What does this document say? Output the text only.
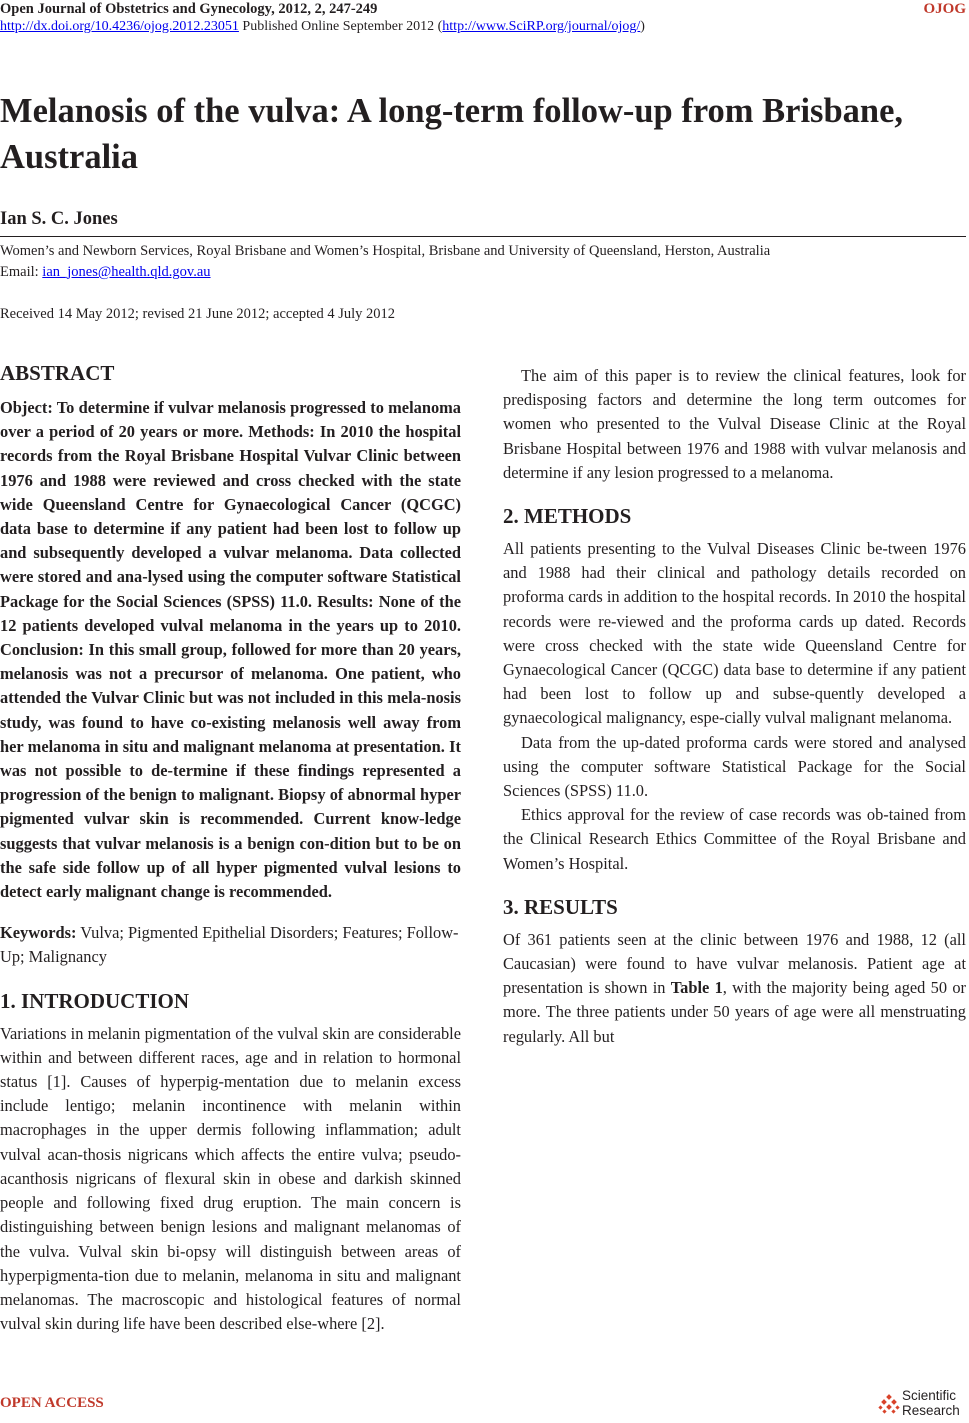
Open Journal of Obstetrics and Gynecology, 2012, 2, 247-249	OJOG
http://dx.doi.org/10.4236/ojog.2012.23051 Published Online September 2012 (http://www.SciRP.org/journal/ojog/)
Melanosis of the vulva: A long-term follow-up from Brisbane, Australia
Ian S. C. Jones
Women’s and Newborn Services, Royal Brisbane and Women’s Hospital, Brisbane and University of Queensland, Herston, Australia
Email: ian_jones@health.qld.gov.au
Received 14 May 2012; revised 21 June 2012; accepted 4 July 2012
ABSTRACT

Object: To determine if vulvar melanosis progressed to melanoma over a period of 20 years or more. Methods: In 2010 the hospital records from the Royal Brisbane Hospital Vulvar Clinic between 1976 and 1988 were reviewed and cross checked with the state wide Queensland Centre for Gynaecological Cancer (QCGC) data base to determine if any patient had been lost to follow up and subsequently developed a vulvar melanoma. Data collected were stored and ana-lysed using the computer software Statistical Package for the Social Sciences (SPSS) 11.0. Results: None of the 12 patients developed vulval melanoma in the years up to 2010. Conclusion: In this small group, followed for more than 20 years, melanosis was not a precursor of melanoma. One patient, who attended the Vulvar Clinic but was not included in this mela-nosis study, was found to have co-existing melanosis well away from her melanoma in situ and malignant melanoma at presentation. It was not possible to de-termine if these findings represented a progression of the benign to malignant. Biopsy of abnormal hyper pigmented vulvar skin is recommended. Current know-ledge suggests that vulvar melanosis is a benign con-dition but to be on the safe side follow up of all hyper pigmented vulval lesions to detect early malignant change is recommended.

Keywords: Vulva; Pigmented Epithelial Disorders; Features; Follow-Up; Malignancy

1. INTRODUCTION

Variations in melanin pigmentation of the vulval skin are considerable within and between different races, age and in relation to hormonal status [1]. Causes of hyperpig-mentation due to melanin excess include lentigo; melanin incontinence with melanin within macrophages in the upper dermis following inflammation; adult vulval acan-thosis nigricans which affects the entire vulva; pseudo-acanthosis nigricans of flexural skin in obese and darkish skinned people and following fixed drug eruption. The main concern is distinguishing between benign lesions and malignant melanomas of the vulva. Vulval skin bi-opsy will distinguish between areas of hyperpigmenta-tion due to melanin, melanoma in situ and malignant melanomas. The macroscopic and histological features of normal vulval skin during life have been described else-where [2].

The aim of this paper is to review the clinical features, look for predisposing factors and determine the long term outcomes for women who presented to the Vulval Disease Clinic at the Royal Brisbane Hospital between 1976 and 1988 with vulvar melanosis and determine if any lesion progressed to a melanoma.

2. METHODS

All patients presenting to the Vulval Diseases Clinic be-tween 1976 and 1988 had their clinical and pathology details recorded on proforma cards in addition to the hospital records. In 2010 the hospital records were re-viewed and the proforma cards up dated. Records were cross checked with the state wide Queensland Centre for Gynaecological Cancer (QCGC) data base to determine if any patient had been lost to follow up and subse-quently developed a gynaecological malignancy, espe-cially vulval malignant melanoma.

Data from the up-dated proforma cards were stored and analysed using the computer software Statistical Package for the Social Sciences (SPSS) 11.0.

Ethics approval for the review of case records was ob-tained from the Clinical Research Ethics Committee of the Royal Brisbane and Women’s Hospital.

3. RESULTS

Of 361 patients seen at the clinic between 1976 and 1988, 12 (all Caucasian) were found to have vulvar melanosis. Patient age at presentation is shown in Table 1, with the majority being aged 50 or more. The three patients under 50 years of age were all menstruating regularly. All but

OPEN ACCESS	Scientific
Research
